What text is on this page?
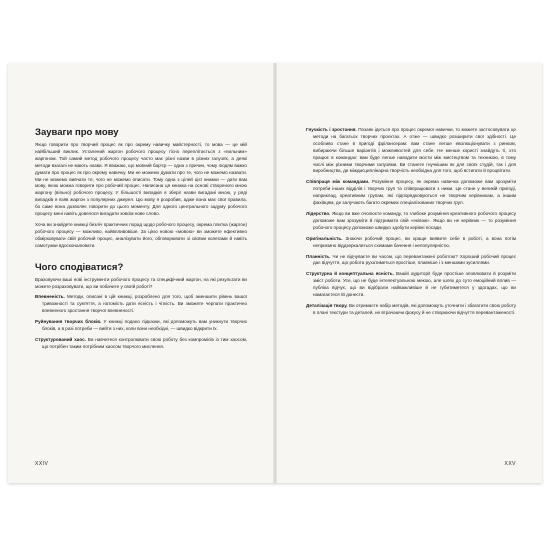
Зауваги про мову

Якщо говорити про творчий процес як про окрему навичку майстерності, то мова — це мій найбільший виклик. Усталений жаргон робочого процесу тісно переплітається з «пильним» жаргоном. Той самий метод робочого процесу часто має різні назви в різних галузях, а деякі методи взагалі не мають назви. Я вважаю, що мовний бар'єр — одна з причин, чому людям важко думати про процес як про окрему навичку. Ми не можемо думати про те, чого не можемо назвати. Ми не можемо вивчати те, чого не можемо описати. Тому одна з цілей цієї книжки — дати вам мову, якою можна говорити про робочий процес. Написана ця книжка на основі створеного мною жаргону (вільно) робочого процесу. У більшості випадків я зберіг назви вигадані мною, у ряді випадків я взяв жаргон з популярних джерел. Цю мову я розробив, адже вона має свої правила, бо саме вона дозволяє говорити до цього моменту. Для одного центрального задуму робочого процесу мені навіть довелося вигадати зовсім нове слово.

Хоча ви знайдете книжці безліч практичних порад щодо робочого процесу, окрема плитка (жаргон) робочого процесу — можливо, найвпливовіше. За цією новою «мовою» ви зможете ефективно обмірковувати свій робочий процес, аналізувати його, обговорювати зі своїми колегами й навіть самотужки вдосконалювати.

Чого сподіватися?

Враховуючи ваші нові інструменти робочого процесу та специфічний жаргон, на які результати ви можете розраховувати, що ви побачите у своїй роботі?

Впевненість. Методи, описані в цій книжці, розроблено для того, щоб зменшити рівень вашої тривожності та сум'яття, а натомість дати ясність і чіткість. Ви зможете черпати практично впевненого зростання творчої впевненості.

Руйнування творчих блоків. У книжці подано підказки, які допоможуть вам уникнути творчих блоків, а в разі потреби — вийти з них, коли вони необхідні, — швидко відкрити їх.

Структурований хаос. Ви навчитеся контролювати свою роботу без компромісів із тим хаосом, що потрібен таким потрібним хаосом творчого мислення.

XXIV

Гнучкість і зростання. Позаяк ідеться про процес окремої навички, то можете застосовувати це методи на багатьох творчих проєктах. А отже — швидко розширити свої здібності. Це особливо стане в пригоді фрілансерам: вам стане легше еволюціонувати з ринком, вибираючи більше варіантів і можливостей для себе. Не менше користі знайдуть ті, хто працює в командах: вам буде легше наводити мости між мистецтвом та техникою, в тому числі між різними творчими галузями. Ви станете гнучкішим як для своїх студій, так і для виробництва, де міждисциплінарна творчість необхідна для того, щоб встигати й процвітати.

Співпраця між командами. Розуміння процесу, як окрема навичка допоможе вам зрозуміти потреби інших відділів і творчих груп та співпрацювати з ними. Це стане у великій пригоді, наприклад, креативним групам, які підпорядковуються не творчим керівникам, а іншим фахівцям, де залучають багато окремих спеціалізованих творчих груп.

Лідерство. Якщо ви вже очолюєте команду, то глибоке розуміння креативного робочого процесу допоможе вам зрозуміти й підтримати свій «екіпаж». Якщо ви не керівник — то розуміння робочого процесу допоможе швидко здобути керівні посади.

Оригінальність. Знаючи робочий процес, ви краще виявите себе в роботі, а вона потім неприємно віддзеркалиться схемами бачення і непопулярністю.

Планність. Чи не відчуваєте ви часом, що перевантажені роботою? Хороший робочий процес дає відчуття, що робота рухатиметься простіше, плавніше і з меншими зусиллями.

Структурна й концептуальна ясність. Вашій аудиторії буде простіше зловлювати й розуміти зміст роботи. Усе, що не буде інтелектуальною мекою, але шлях до суто емоційний вплив — публіка відчує, що ви відібрали найважливіше й не губитиметеся у здогадах, що ви намагаєтеся їй донести.

Деталізація твору. Ви отримаєте набір методів, які допоможуть уточнити і збагатити свою роботу в плані текстури та деталей, не втрачаючи фокусу й не створюючи відчуття перевантаженості.

XXV
